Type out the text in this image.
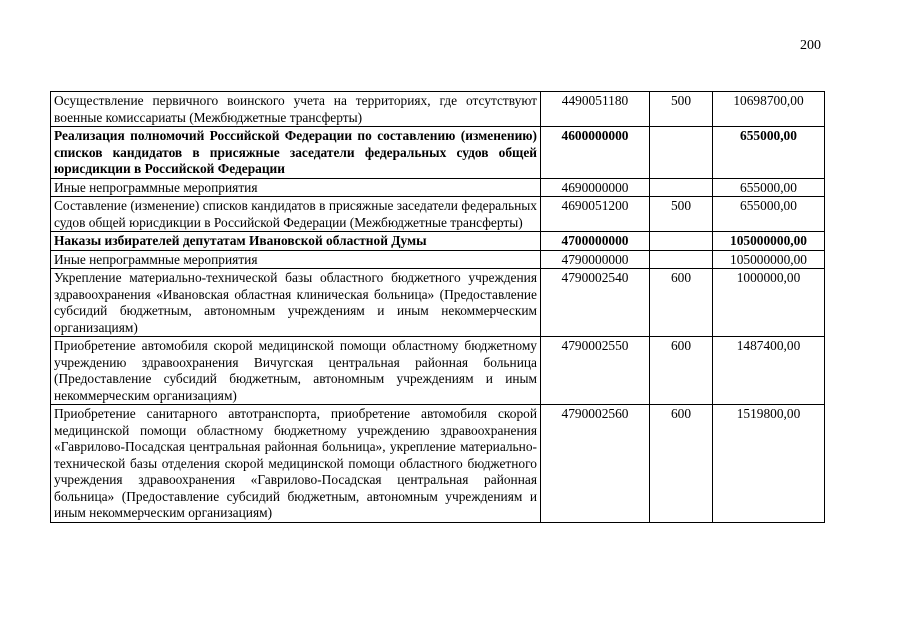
200
Осуществление первичного воинского учета на территориях, где отсутствуют военные комиссариаты (Межбюджетные трансферты)	4490051180	500	10698700,00
Реализация полномочий Российской Федерации по составлению (изменению) списков кандидатов в присяжные заседатели федеральных судов общей юрисдикции в Российской Федерации	4600000000		655000,00
Иные непрограммные мероприятия	4690000000		655000,00
Составление (изменение) списков кандидатов в присяжные заседатели федеральных судов общей юрисдикции в Российской Федерации (Межбюджетные трансферты)	4690051200	500	655000,00
Наказы избирателей депутатам Ивановской областной Думы	4700000000		105000000,00
Иные непрограммные мероприятия	4790000000		105000000,00
Укрепление материально-технической базы областного бюджетного учреждения здравоохранения «Ивановская областная клиническая больница» (Предоставление субсидий бюджетным, автономным учреждениям и иным некоммерческим организациям)	4790002540	600	1000000,00
Приобретение автомобиля скорой медицинской помощи областному бюджетному учреждению здравоохранения Вичугская центральная районная больница (Предоставление субсидий бюджетным, автономным учреждениям и иным некоммерческим организациям)	4790002550	600	1487400,00
Приобретение санитарного автотранспорта, приобретение автомобиля скорой медицинской помощи областному бюджетному учреждению здравоохранения «Гаврилово-Посадская центральная районная больница», укрепление материально-технической базы отделения скорой медицинской помощи областного бюджетного учреждения здравоохранения «Гаврилово-Посадская центральная районная больница» (Предоставление субсидий бюджетным, автономным учреждениям и иным некоммерческим организациям)	4790002560	600	1519800,00
